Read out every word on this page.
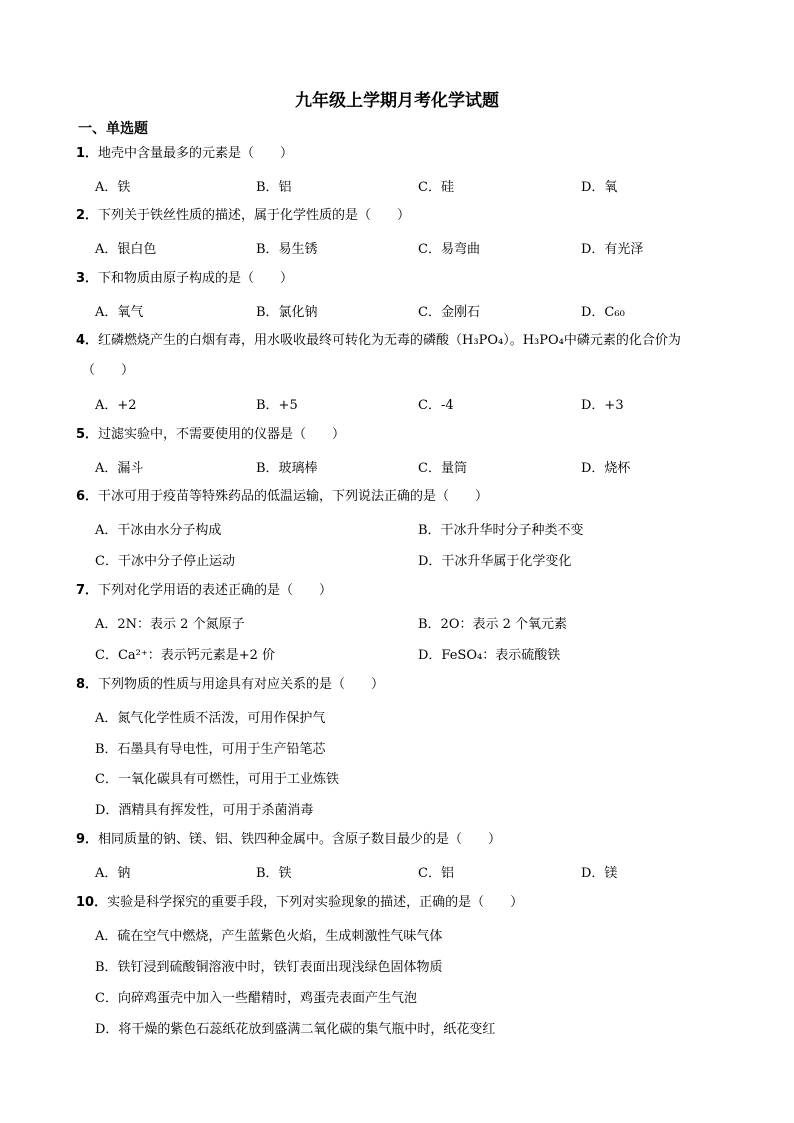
九年级上学期月考化学试题
一、单选题
1．地壳中含量最多的元素是（　　）
A．铁	B．铝	C．硅	D．氧
2．下列关于铁丝性质的描述，属于化学性质的是（　　）
A．银白色	B．易生锈	C．易弯曲	D．有光泽
3．下和物质由原子构成的是（　　）
A．氧气	B．氯化钠	C．金刚石	D．C₆₀
4．红磷燃烧产生的白烟有毒，用水吸收最终可转化为无毒的磷酸（H₃PO₄）。H₃PO₄中磷元素的化合价为
（　　）
A．+2	B．+5	C．-4	D．+3
5．过滤实验中，不需要使用的仪器是（　　）
A．漏斗	B．玻璃棒	C．量筒	D．烧杯
6．干冰可用于疫苗等特殊药品的低温运输，下列说法正确的是（　　）
A．干冰由水分子构成	B．干冰升华时分子种类不变
C．干冰中分子停止运动	D．干冰升华属于化学变化
7．下列对化学用语的表述正确的是（　　）
A．2N：表示 2 个氮原子	B．2O：表示 2 个氧元素
C．Ca²⁺：表示钙元素是+2 价	D．FeSO₄：表示硫酸铁
8．下列物质的性质与用途具有对应关系的是（　　）
A．氮气化学性质不活泼，可用作保护气
B．石墨具有导电性，可用于生产铅笔芯
C．一氧化碳具有可燃性，可用于工业炼铁
D．酒精具有挥发性，可用于杀菌消毒
9．相同质量的钠、镁、铝、铁四种金属中。含原子数目最少的是（　　）
A．钠	B．铁	C．铝	D．镁
10．实验是科学探究的重要手段，下列对实验现象的描述，正确的是（　　）
A．硫在空气中燃烧，产生蓝紫色火焰，生成刺激性气味气体
B．铁钉浸到硫酸铜溶液中时，铁钉表面出现浅绿色固体物质
C．向碎鸡蛋壳中加入一些醋精时，鸡蛋壳表面产生气泡
D．将干燥的紫色石蕊纸花放到盛满二氧化碳的集气瓶中时，纸花变红
